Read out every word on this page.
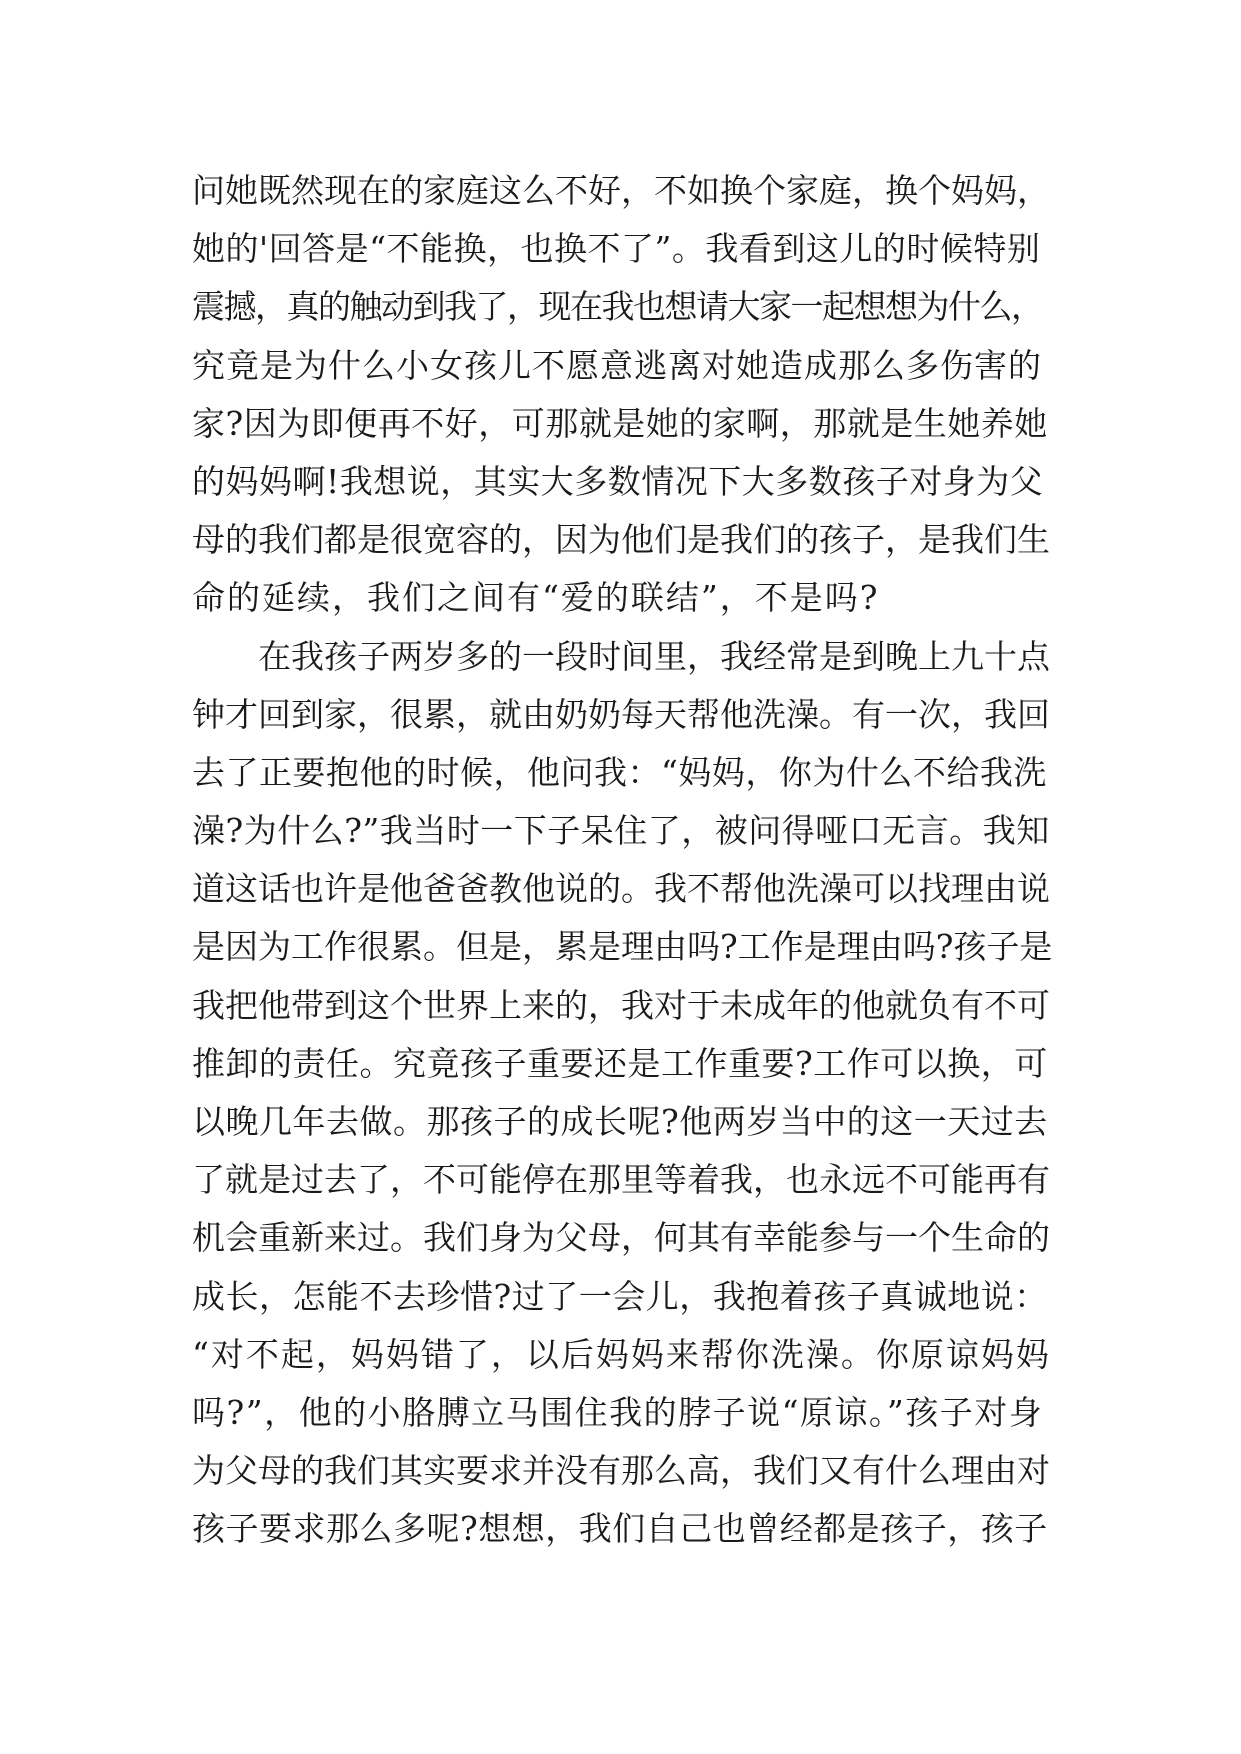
问她既然现在的家庭这么不好，不如换个家庭，换个妈妈，
她的'回答是“不能换，也换不了”。我看到这儿的时候特别
震撼，真的触动到我了，现在我也想请大家一起想想为什么，
究竟是为什么小女孩儿不愿意逃离对她造成那么多伤害的
家?因为即便再不好，可那就是她的家啊，那就是生她养她
的妈妈啊!我想说，其实大多数情况下大多数孩子对身为父
母的我们都是很宽容的，因为他们是我们的孩子，是我们生
命的延续，我们之间有“爱的联结”，不是吗?
　　在我孩子两岁多的一段时间里，我经常是到晚上九十点
钟才回到家，很累，就由奶奶每天帮他洗澡。有一次，我回
去了正要抱他的时候，他问我：“妈妈，你为什么不给我洗
澡?为什么?”我当时一下子呆住了，被问得哑口无言。我知
道这话也许是他爸爸教他说的。我不帮他洗澡可以找理由说
是因为工作很累。但是，累是理由吗?工作是理由吗?孩子是
我把他带到这个世界上来的，我对于未成年的他就负有不可
推卸的责任。究竟孩子重要还是工作重要?工作可以换，可
以晚几年去做。那孩子的成长呢?他两岁当中的这一天过去
了就是过去了，不可能停在那里等着我，也永远不可能再有
机会重新来过。我们身为父母，何其有幸能参与一个生命的
成长，怎能不去珍惜?过了一会儿，我抱着孩子真诚地说：
“对不起，妈妈错了，以后妈妈来帮你洗澡。你原谅妈妈
吗?”，他的小胳膊立马围住我的脖子说“原谅。”孩子对身
为父母的我们其实要求并没有那么高，我们又有什么理由对
孩子要求那么多呢?想想，我们自己也曾经都是孩子，孩子
